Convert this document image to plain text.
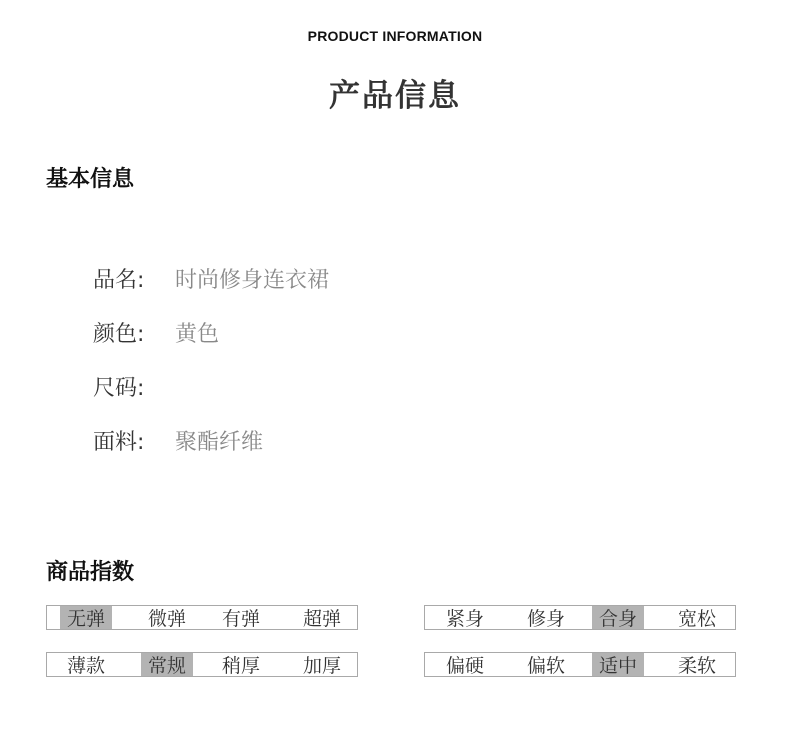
PRODUCT INFORMATION
产品信息
基本信息
品名:	时尚修身连衣裙
颜色:	黄色
尺码:
面料:	聚酯纤维
商品指数
无弹	微弹	有弹	超弹	紧身	修身	合身	宽松
薄款	常规	稍厚	加厚	偏硬	偏软	适中	柔软
